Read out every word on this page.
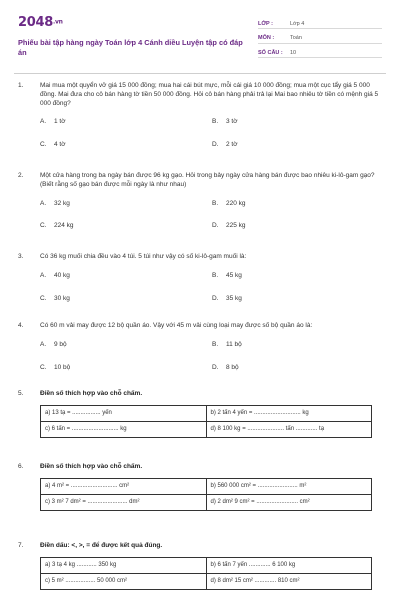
2048.vn
Phiếu bài tập hàng ngày Toán lớp 4 Cánh diều Luyện tập có đáp án
LỚP :	Lớp 4
MÔN :	Toán
SỐ CÂU :	10
1.	Mai mua một quyển vở giá 15 000 đồng; mua hai cái bút mực, mỗi cái giá 10 000 đồng; mua một cục tẩy giá 5 000 đồng. Mai đưa cho cô bán hàng tờ tiền 50 000 đồng. Hỏi cô bán hàng phải trả lại Mai bao nhiêu tờ tiền có mệnh giá 5 000 đồng?
A. 1 tờ	B. 3 tờ
C. 4 tờ	D. 2 tờ
2.	Một cửa hàng trong ba ngày bán được 96 kg gạo. Hỏi trong bảy ngày cửa hàng bán được bao nhiêu ki-lô-gam gạo? (Biết rằng số gạo bán được mỗi ngày là như nhau)
A. 32 kg	B. 220 kg
C. 224 kg	D. 225 kg
3.	Có 36 kg muối chia đều vào 4 túi. 5 túi như vậy có số ki-lô-gam muối là:
A. 40 kg	B. 45 kg
C. 30 kg	D. 35 kg
4.	Có 60 m vải may được 12 bộ quần áo. Vậy với 45 m vải cùng loại may được số bộ quần áo là:
A. 9 bộ	B. 11 bộ
C. 10 bộ	D. 8 bộ
5.	Điền số thích hợp vào chỗ chấm.
a) 13 tạ = ................. yến	b) 2 tấn 4 yến = ............................ kg
c) 6 tấn = ............................ kg	d) 8 100 kg = ...................... tấn ............. tạ
6.	Điền số thích hợp vào chỗ chấm.
a) 4 m² = ............................ cm²	b) 560 000 cm² = ........................ m²
c) 3 m² 7 dm² = ........................ dm²	d) 2 dm² 9 cm² = ......................... cm²
7.	Điền dấu: <, >, = để được kết quả đúng.
a) 3 tạ 4 kg ............ 350 kg	b) 6 tấn 7 yến ............. 6 100 kg
c) 5 m² .................. 50 000 cm²	d) 8 dm² 15 cm² ............. 810 cm²
